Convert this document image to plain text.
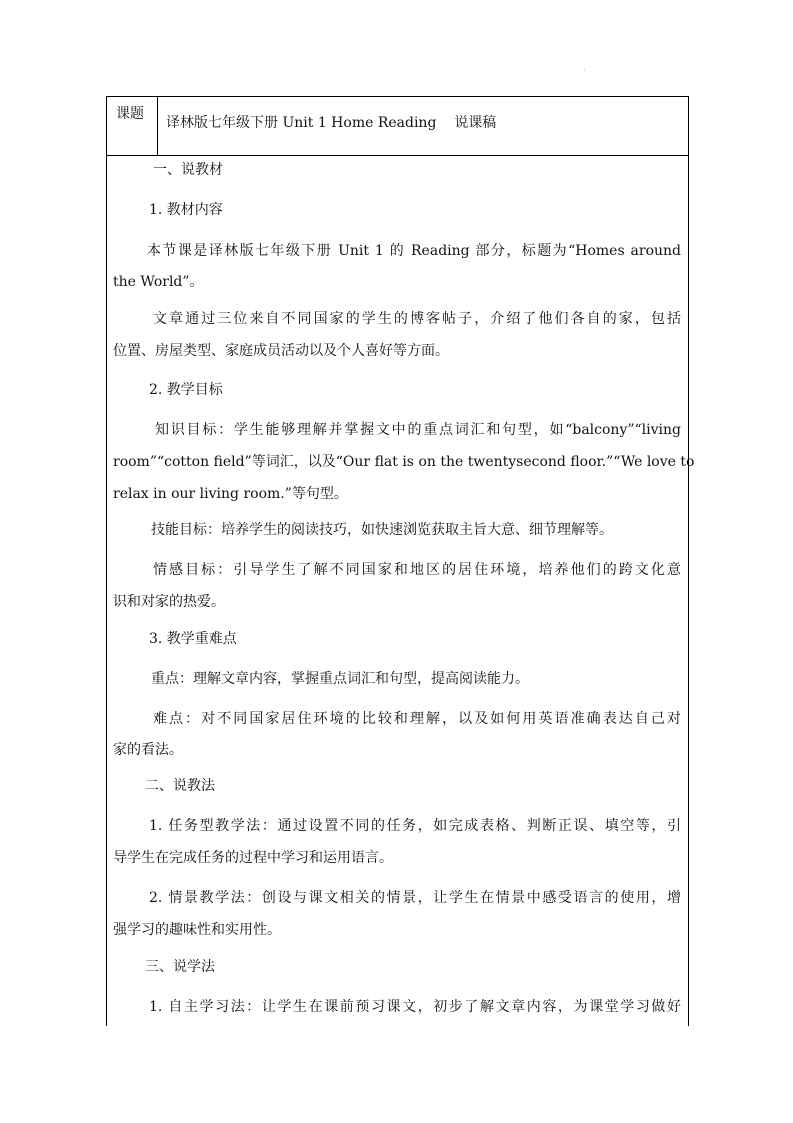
·
课题
译林版七年级下册 Unit 1 Home Reading    说课稿
一、说教材
1. 教材内容
本节课是译林版七年级下册 Unit 1 的 Reading 部分，标题为“Homes around
the World”。
文章通过三位来自不同国家的学生的博客帖子，介绍了他们各自的家，包括
位置、房屋类型、家庭成员活动以及个人喜好等方面。
2. 教学目标
知识目标：学生能够理解并掌握文中的重点词汇和句型，如“balcony”“living
room”“cotton field”等词汇，以及“Our flat is on the twentysecond floor.”“We love to
relax in our living room.”等句型。
技能目标：培养学生的阅读技巧，如快速浏览获取主旨大意、细节理解等。
情感目标：引导学生了解不同国家和地区的居住环境，培养他们的跨文化意
识和对家的热爱。
3. 教学重难点
重点：理解文章内容，掌握重点词汇和句型，提高阅读能力。
难点：对不同国家居住环境的比较和理解，以及如何用英语准确表达自己对
家的看法。
二、说教法
1. 任务型教学法：通过设置不同的任务，如完成表格、判断正误、填空等，引
导学生在完成任务的过程中学习和运用语言。
2. 情景教学法：创设与课文相关的情景，让学生在情景中感受语言的使用，增
强学习的趣味性和实用性。
三、说学法
1. 自主学习法：让学生在课前预习课文，初步了解文章内容，为课堂学习做好
